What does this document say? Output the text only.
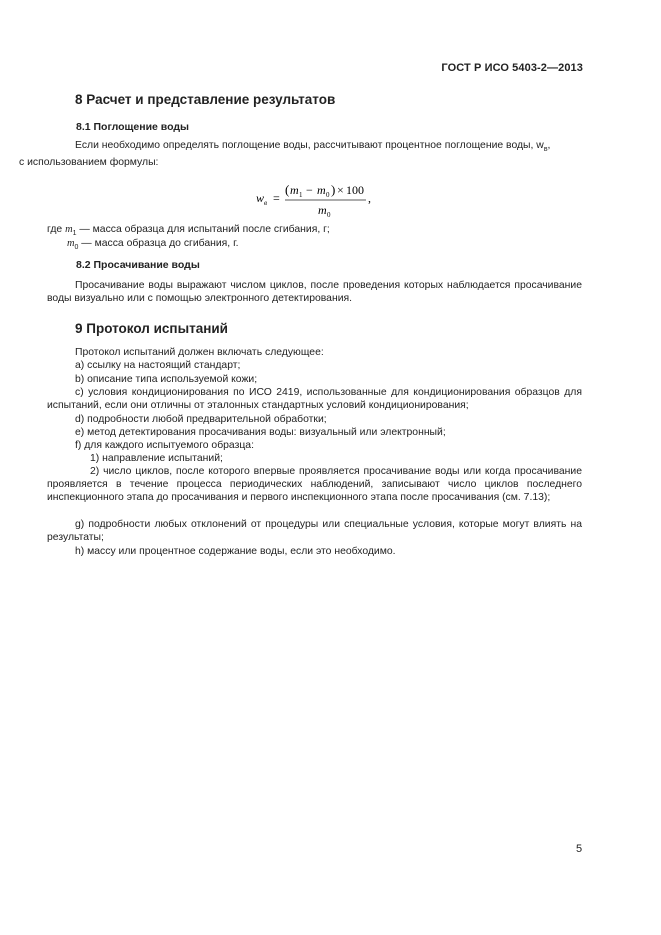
ГОСТ Р ИСО 5403-2—2013
8 Расчет и представление результатов
8.1 Поглощение воды
Если необходимо определять поглощение воды, рассчитывают процентное поглощение воды, $w_в$,
с использованием формулы:
w в =
( m 1 − m 0 ) × 100
m 0
,
где $m_1$ — масса образца для испытаний после сгибания, г;
$m_0$ — масса образца до сгибания, г.
8.2 Просачивание воды
Просачивание воды выражают числом циклов, после проведения которых наблюдается просачивание воды визуально или с помощью электронного детектирования.
9 Протокол испытаний
Протокол испытаний должен включать следующее:
a) ссылку на настоящий стандарт;
b) описание типа используемой кожи;
c) условия кондиционирования по ИСО 2419, использованные для кондиционирования образцов для испытаний, если они отличны от эталонных стандартных условий кондиционирования;
d) подробности любой предварительной обработки;
e) метод детектирования просачивания воды: визуальный или электронный;
f) для каждого испытуемого образца:
1) направление испытаний;
2) число циклов, после которого впервые проявляется просачивание воды или когда просачивание проявляется в течение процесса периодических наблюдений, записывают число циклов последнего инспекционного этапа до просачивания и первого инспекционного этапа после просачивания (см. 7.13);
g) подробности любых отклонений от процедуры или специальные условия, которые могут влиять на результаты;
h) массу или процентное содержание воды, если это необходимо.
5
